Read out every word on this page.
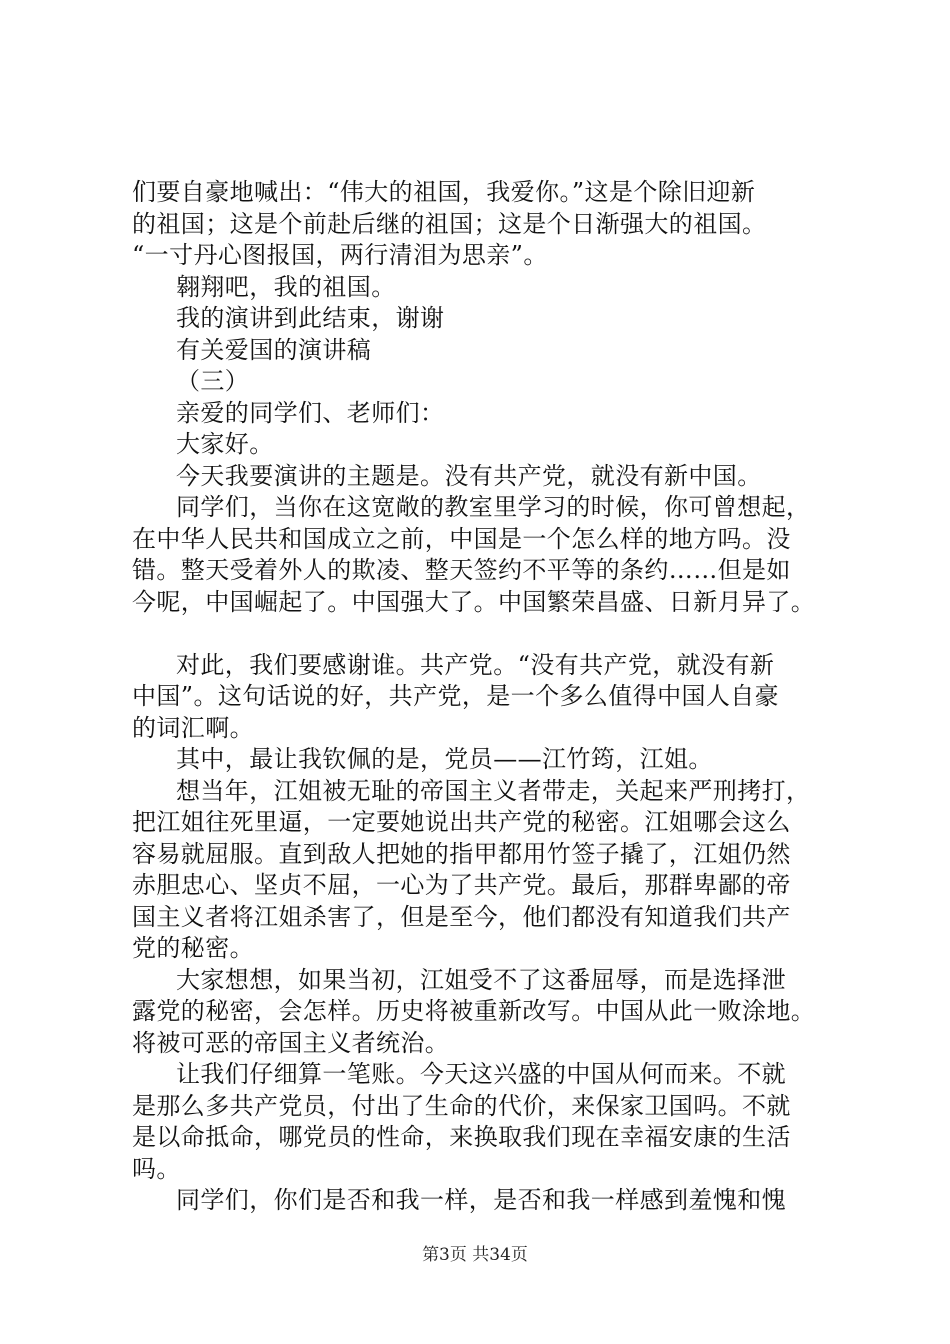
们要自豪地喊出：“伟大的祖国，我爱你。”这是个除旧迎新

的祖国；这是个前赴后继的祖国；这是个日渐强大的祖国。

“一寸丹心图报国，两行清泪为思亲”。

翱翔吧，我的祖国。

我的演讲到此结束，谢谢

有关爱国的演讲稿

（三）

亲爱的同学们、老师们：

大家好。

今天我要演讲的主题是。没有共产党，就没有新中国。

同学们，当你在这宽敞的教室里学习的时候，你可曾想起，

在中华人民共和国成立之前，中国是一个怎么样的地方吗。没

错。整天受着外人的欺凌、整天签约不平等的条约……但是如

今呢，中国崛起了。中国强大了。中国繁荣昌盛、日新月异了。

对此，我们要感谢谁。共产党。“没有共产党，就没有新

中国”。这句话说的好，共产党，是一个多么值得中国人自豪

的词汇啊。

其中，最让我钦佩的是，党员——江竹筠，江姐。

想当年，江姐被无耻的帝国主义者带走，关起来严刑拷打，

把江姐往死里逼，一定要她说出共产党的秘密。江姐哪会这么

容易就屈服。直到敌人把她的指甲都用竹签子撬了，江姐仍然

赤胆忠心、坚贞不屈，一心为了共产党。最后，那群卑鄙的帝

国主义者将江姐杀害了，但是至今，他们都没有知道我们共产

党的秘密。

大家想想，如果当初，江姐受不了这番屈辱，而是选择泄

露党的秘密，会怎样。历史将被重新改写。中国从此一败涂地。

将被可恶的帝国主义者统治。

让我们仔细算一笔账。今天这兴盛的中国从何而来。不就

是那么多共产党员，付出了生命的代价，来保家卫国吗。不就

是以命抵命，哪党员的性命，来换取我们现在幸福安康的生活

吗。

同学们，你们是否和我一样，是否和我一样感到羞愧和愧

第3页 共34页
